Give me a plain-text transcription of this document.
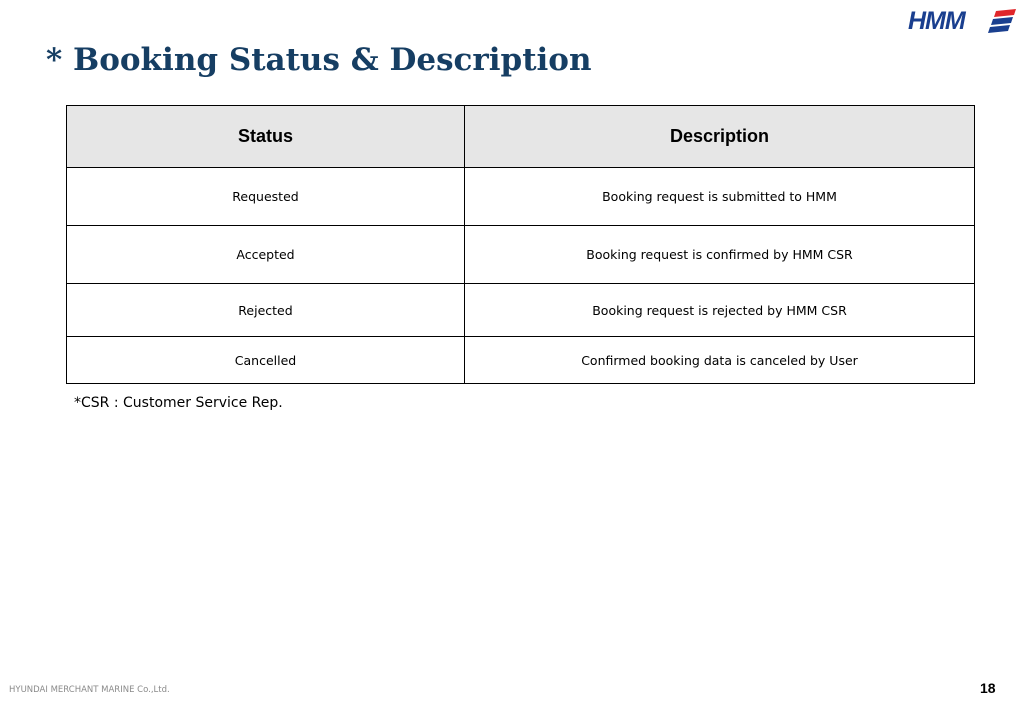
HMM
* Booking Status & Description
Status	Description
Requested	Booking request is submitted to HMM
Accepted	Booking request is confirmed by HMM CSR
Rejected	Booking request is rejected by HMM CSR
Cancelled	Confirmed booking data is canceled by User
*CSR : Customer Service Rep.
HYUNDAI MERCHANT MARINE Co.,Ltd.	18
